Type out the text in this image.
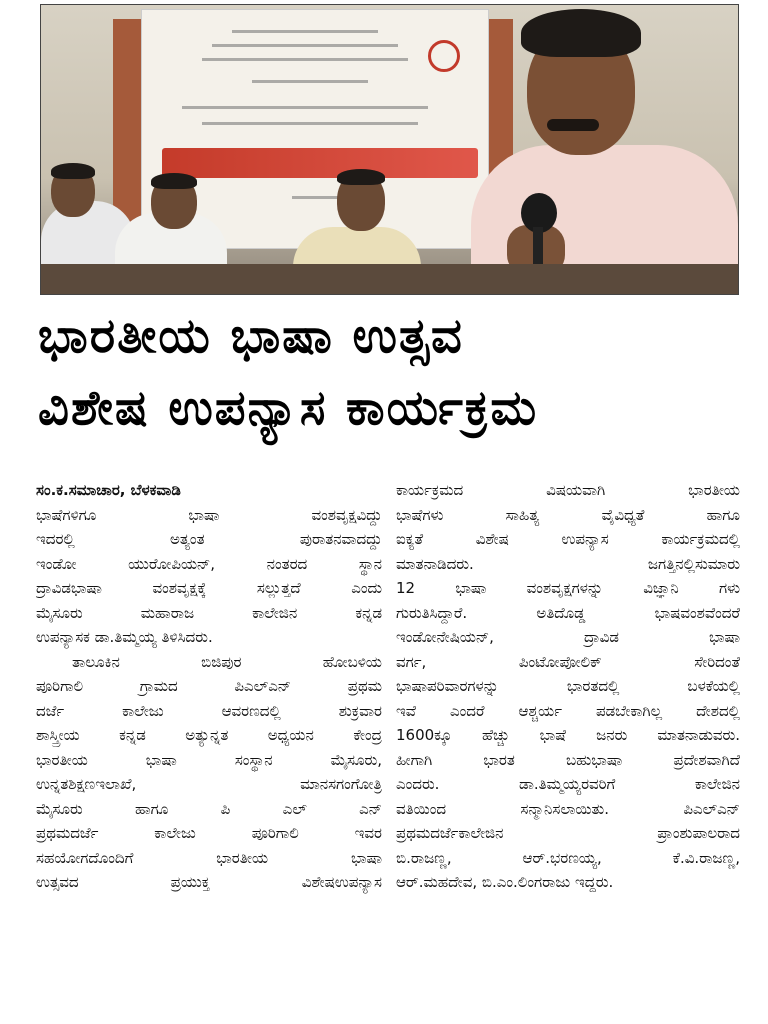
ಭಾರತೀಯ ಭಾಷಾ ಉತ್ಸವ
ವಿಶೇಷ ಉಪನ್ಯಾಸ ಕಾರ್ಯಕ್ರಮ
ಸಂ.ಕ.ಸಮಾಚಾರ, ಬೆಳಕವಾಡಿ
ಭಾಷೆಗಳಿಗೂ ಭಾಷಾ ವಂಶವೃಕ್ಷವಿದ್ದು
ಇದರಲ್ಲಿ ಅತ್ಯಂತ ಪುರಾತನವಾದದ್ದು
ಇಂಡೋ ಯುರೋಪಿಯನ್, ನಂತರದ ಸ್ಥಾನ
ದ್ರಾವಿಡಭಾಷಾ ವಂಶವೃಕ್ಷಕ್ಕೆ ಸಲ್ಲುತ್ತದೆ ಎಂದು
ಮೈಸೂರು ಮಹಾರಾಜ ಕಾಲೇಜಿನ ಕನ್ನಡ
ಉಪನ್ಯಾಸಕ ಡಾ.ತಿಮ್ಮಯ್ಯ ತಿಳಿಸಿದರು.
ತಾಲೂಕಿನ ಬಿಜಿಪುರ ಹೋಬಳಿಯ
ಪೂರಿಗಾಲಿ ಗ್ರಾಮದ ಪಿಎಲ್‌ಎನ್ ಪ್ರಥಮ
ದರ್ಜೆ ಕಾಲೇಜು ಆವರಣದಲ್ಲಿ ಶುಕ್ರವಾರ
ಶಾಸ್ತ್ರೀಯ ಕನ್ನಡ ಅತ್ಯುನ್ನತ ಅಧ್ಯಯನ ಕೇಂದ್ರ
ಭಾರತೀಯ ಭಾಷಾ ಸಂಸ್ಥಾನ ಮೈಸೂರು,
ಉನ್ನತಶಿಕ್ಷಣಇಲಾಖೆ, ಮಾನಸಗಂಗೋತ್ರಿ
ಮೈಸೂರು ಹಾಗೂ ಪಿ ಎಲ್ ಎನ್
ಪ್ರಥಮದರ್ಜೆ ಕಾಲೇಜು ಪೂರಿಗಾಲಿ ಇವರ
ಸಹಯೋಗದೊಂದಿಗೆ ಭಾರತೀಯ ಭಾಷಾ
ಉತ್ಸವದ ಪ್ರಯುಕ್ತ ವಿಶೇಷಉಪನ್ಯಾಸ
ಕಾರ್ಯಕ್ರಮದ ವಿಷಯವಾಗಿ ಭಾರತೀಯ
ಭಾಷೆಗಳು ಸಾಹಿತ್ಯ ವೈವಿಧ್ಯತೆ ಹಾಗೂ
ಐಕ್ಯತೆ ವಿಶೇಷ ಉಪನ್ಯಾಸ ಕಾರ್ಯಕ್ರಮದಲ್ಲಿ
ಮಾತನಾಡಿದರು. ಜಗತ್ತಿನಲ್ಲಿಸುಮಾರು
12 ಭಾಷಾ ವಂಶವೃಕ್ಷಗಳನ್ನು ವಿಜ್ಞಾನಿ ಗಳು
ಗುರುತಿಸಿದ್ದಾರೆ. ಅತಿದೊಡ್ಡ ಭಾಷವಂಶವೆಂದರೆ
ಇಂಡೋನೇಷಿಯನ್, ದ್ರಾವಿಡ ಭಾಷಾ
ವರ್ಗ, ಪಿಂಟೋಪೋಲಿಕ್ ಸೇರಿದಂತೆ
ಭಾಷಾಪರಿವಾರಗಳನ್ನು ಭಾರತದಲ್ಲಿ ಬಳಕೆಯಲ್ಲಿ
ಇವೆ ಎಂದರೆ ಆಶ್ಚರ್ಯ ಪಡಬೇಕಾಗಿಲ್ಲ ದೇಶದಲ್ಲಿ
1600ಕ್ಕೂ ಹೆಚ್ಚು ಭಾಷೆ ಜನರು ಮಾತನಾಡುವರು.
ಹೀಗಾಗಿ ಭಾರತ ಬಹುಭಾಷಾ ಪ್ರದೇಶವಾಗಿದೆ
ಎಂದರು. ಡಾ.ತಿಮ್ಮಯ್ಯರವರಿಗೆ ಕಾಲೇಜಿನ
ವತಿಯಿಂದ ಸನ್ಮಾನಿಸಲಾಯಿತು. ಪಿಎಲ್‌ಎನ್
ಪ್ರಥಮದರ್ಜೆಕಾಲೇಜಿನ ಪ್ರಾಂಶುಪಾಲರಾದ
ಬಿ.ರಾಜಣ್ಣ, ಆರ್.ಭರಣಯ್ಯ, ಕೆ.ವಿ.ರಾಜಣ್ಣ,
ಆರ್.ಮಹದೇವ, ಬಿ.ಎಂ.ಲಿಂಗರಾಜು ಇದ್ದರು.
